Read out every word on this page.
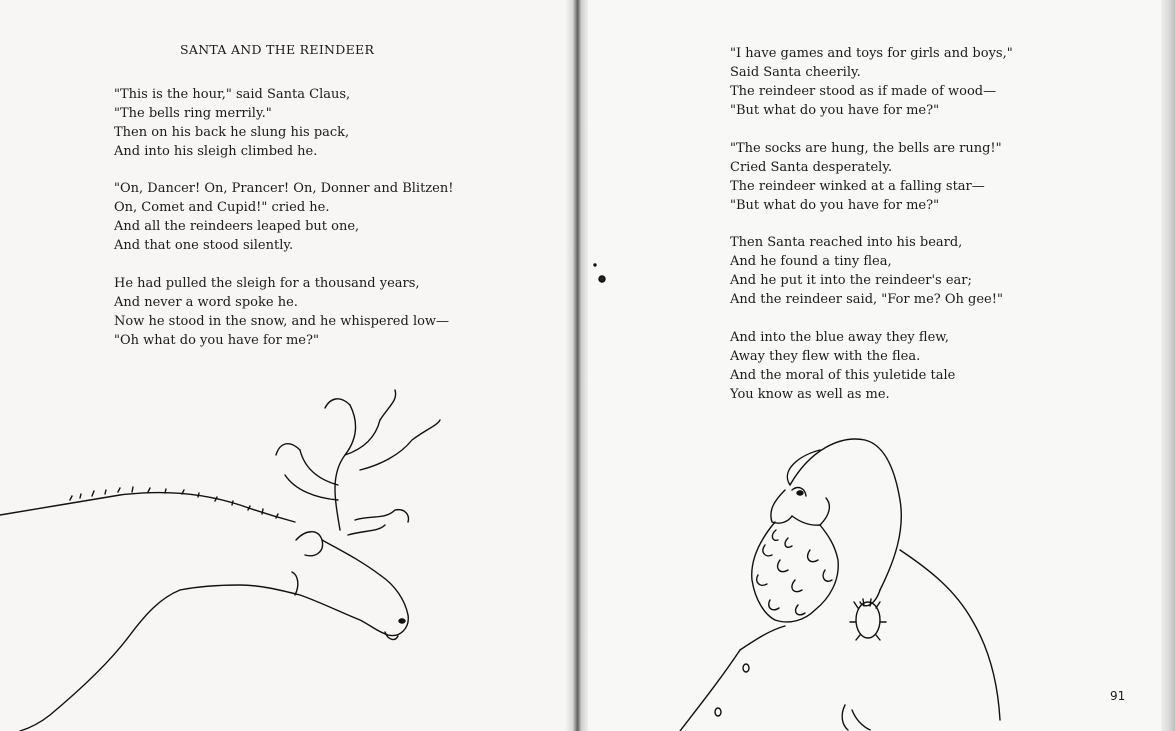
SANTA AND THE REINDEER
"This is the hour," said Santa Claus,
"The bells ring merrily."
Then on his back he slung his pack,
And into his sleigh climbed he.
"On, Dancer! On, Prancer! On, Donner and Blitzen!
On, Comet and Cupid!" cried he.
And all the reindeers leaped but one,
And that one stood silently.
He had pulled the sleigh for a thousand years,
And never a word spoke he.
Now he stood in the snow, and he whispered low—
"Oh what do you have for me?"
"I have games and toys for girls and boys,"
Said Santa cheerily.
The reindeer stood as if made of wood—
"But what do you have for me?"
"The socks are hung, the bells are rung!"
Cried Santa desperately.
The reindeer winked at a falling star—
"But what do you have for me?"
Then Santa reached into his beard,
And he found a tiny flea,
And he put it into the reindeer's ear;
And the reindeer said, "For me? Oh gee!"
And into the blue away they flew,
Away they flew with the flea.
And the moral of this yuletide tale
You know as well as me.
91
